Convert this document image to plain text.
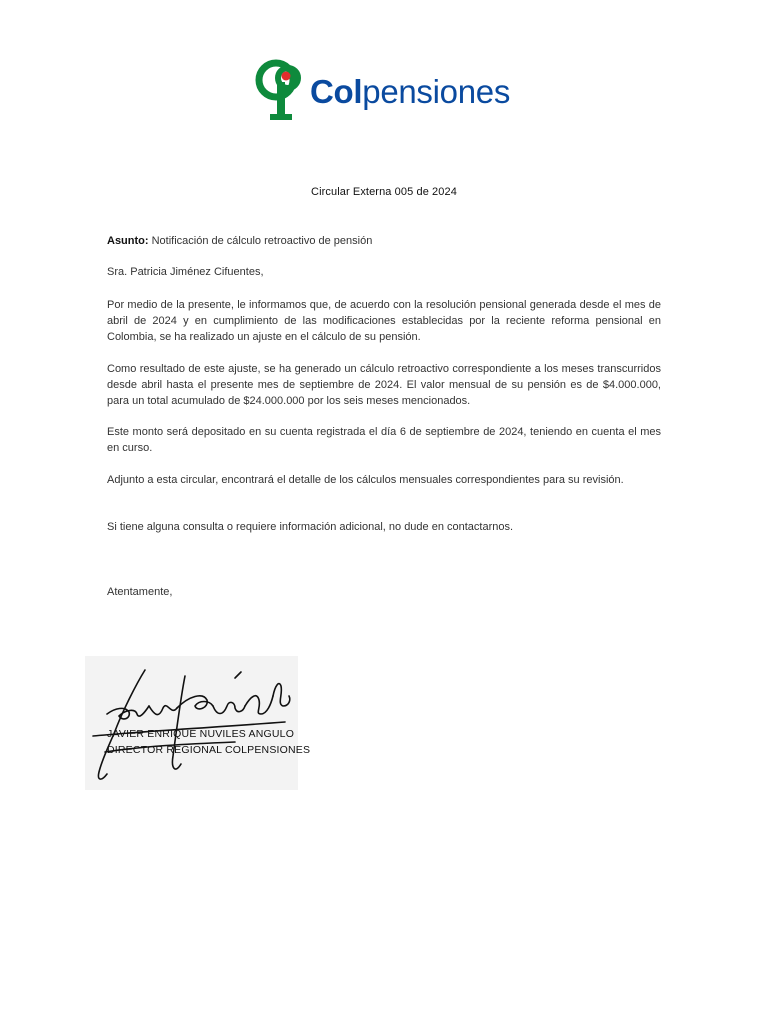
Colpensiones
Circular Externa 005 de 2024
Asunto: Notificación de cálculo retroactivo de pensión
Sra. Patricia Jiménez Cifuentes,
Por medio de la presente, le informamos que, de acuerdo con la resolución pensional generada desde el mes de abril de 2024 y en cumplimiento de las modificaciones establecidas por la reciente reforma pensional en Colombia, se ha realizado un ajuste en el cálculo de su pensión.
Como resultado de este ajuste, se ha generado un cálculo retroactivo correspondiente a los meses transcurridos desde abril hasta el presente mes de septiembre de 2024. El valor mensual de su pensión es de $4.000.000, para un total acumulado de $24.000.000 por los seis meses mencionados.
Este monto será depositado en su cuenta registrada el día 6 de septiembre de 2024, teniendo en cuenta el mes en curso.
Adjunto a esta circular, encontrará el detalle de los cálculos mensuales correspondientes para su revisión.
Si tiene alguna consulta o requiere información adicional, no dude en contactarnos.
Atentamente,
JAVIER ENRIQUE NUVILES ANGULO
DIRECTOR REGIONAL COLPENSIONES
